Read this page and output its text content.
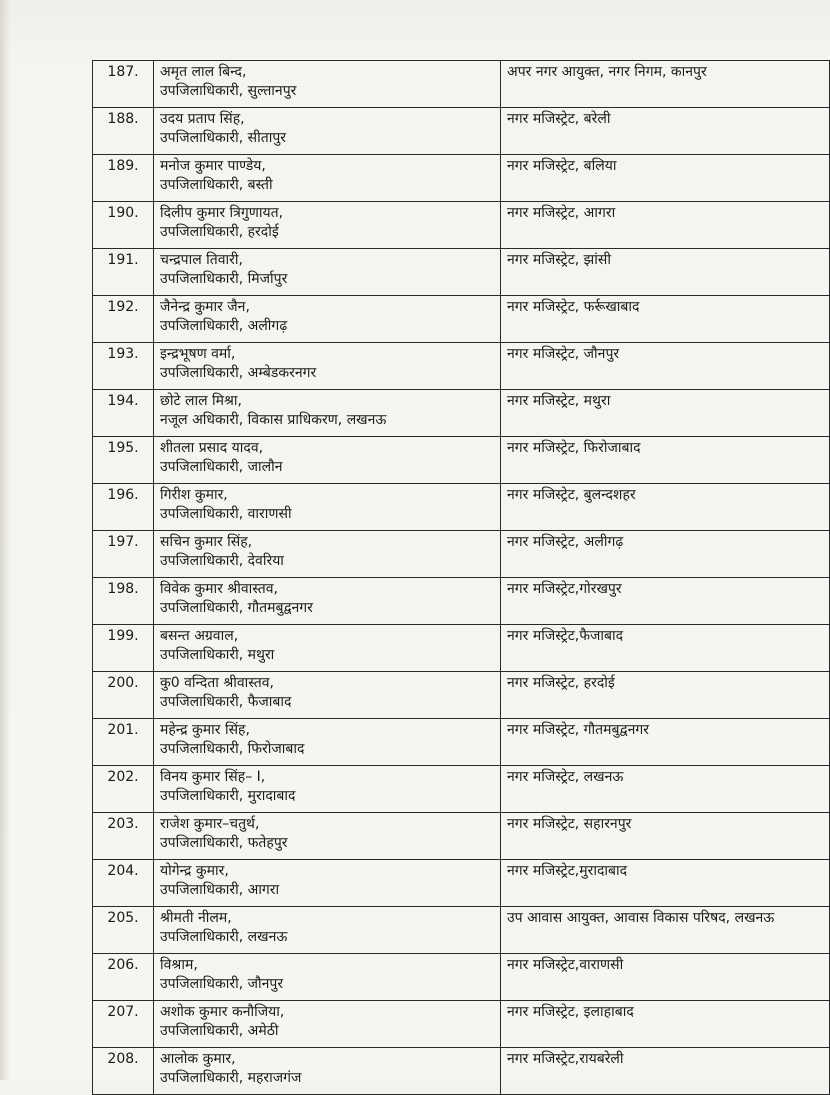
187.	अमृत लाल बिन्द,
उपजिलाधिकारी, सुल्तानपुर	अपर नगर आयुक्त, नगर निगम, कानपुर
188.	उदय प्रताप सिंह,
उपजिलाधिकारी, सीतापुर	नगर मजिस्ट्रेट, बरेली
189.	मनोज कुमार पाण्डेय,
उपजिलाधिकारी, बस्ती	नगर मजिस्ट्रेट, बलिया
190.	दिलीप कुमार त्रिगुणायत,
उपजिलाधिकारी, हरदोई	नगर मजिस्ट्रेट, आगरा
191.	चन्द्रपाल तिवारी,
उपजिलाधिकारी, मिर्जापुर	नगर मजिस्ट्रेट, झांसी
192.	जैनेन्द्र कुमार जैन,
उपजिलाधिकारी, अलीगढ़	नगर मजिस्ट्रेट, फर्रूखाबाद
193.	इन्द्रभूषण वर्मा,
उपजिलाधिकारी, अम्बेडकरनगर	नगर मजिस्ट्रेट, जौनपुर
194.	छोटे लाल मिश्रा,
नजूल अधिकारी, विकास प्राधिकरण, लखनऊ	नगर मजिस्ट्रेट, मथुरा
195.	शीतला प्रसाद यादव,
उपजिलाधिकारी, जालौन	नगर मजिस्ट्रेट, फिरोजाबाद
196.	गिरीश कुमार,
उपजिलाधिकारी, वाराणसी	नगर मजिस्ट्रेट, बुलन्दशहर
197.	सचिन कुमार सिंह,
उपजिलाधिकारी, देवरिया	नगर मजिस्ट्रेट, अलीगढ़
198.	विवेक कुमार श्रीवास्तव,
उपजिलाधिकारी, गौतमबुद्वनगर	नगर मजिस्ट्रेट,गोरखपुर
199.	बसन्त अग्रवाल,
उपजिलाधिकारी, मथुरा	नगर मजिस्ट्रेट,फैजाबाद
200.	कु0 वन्दिता श्रीवास्तव,
उपजिलाधिकारी, फैजाबाद	नगर मजिस्ट्रेट, हरदोई
201.	महेन्द्र कुमार सिंह,
उपजिलाधिकारी, फिरोजाबाद	नगर मजिस्ट्रेट, गौतमबुद्वनगर
202.	विनय कुमार सिंह– I,
उपजिलाधिकारी, मुरादाबाद	नगर मजिस्ट्रेट, लखनऊ
203.	राजेश कुमार–चतुर्थ,
उपजिलाधिकारी, फतेहपुर	नगर मजिस्ट्रेट, सहारनपुर
204.	योगेन्द्र कुमार,
उपजिलाधिकारी, आगरा	नगर मजिस्ट्रेट,मुरादाबाद
205.	श्रीमती नीलम,
उपजिलाधिकारी, लखनऊ	उप आवास आयुक्त, आवास विकास परिषद, लखनऊ
206.	विश्राम,
उपजिलाधिकारी, जौनपुर	नगर मजिस्ट्रेट,वाराणसी
207.	अशोक कुमार कनौजिया,
उपजिलाधिकारी, अमेठी	नगर मजिस्ट्रेट, इलाहाबाद
208.	आलोक कुमार,
उपजिलाधिकारी, महराजगंज	नगर मजिस्ट्रेट,रायबरेली
